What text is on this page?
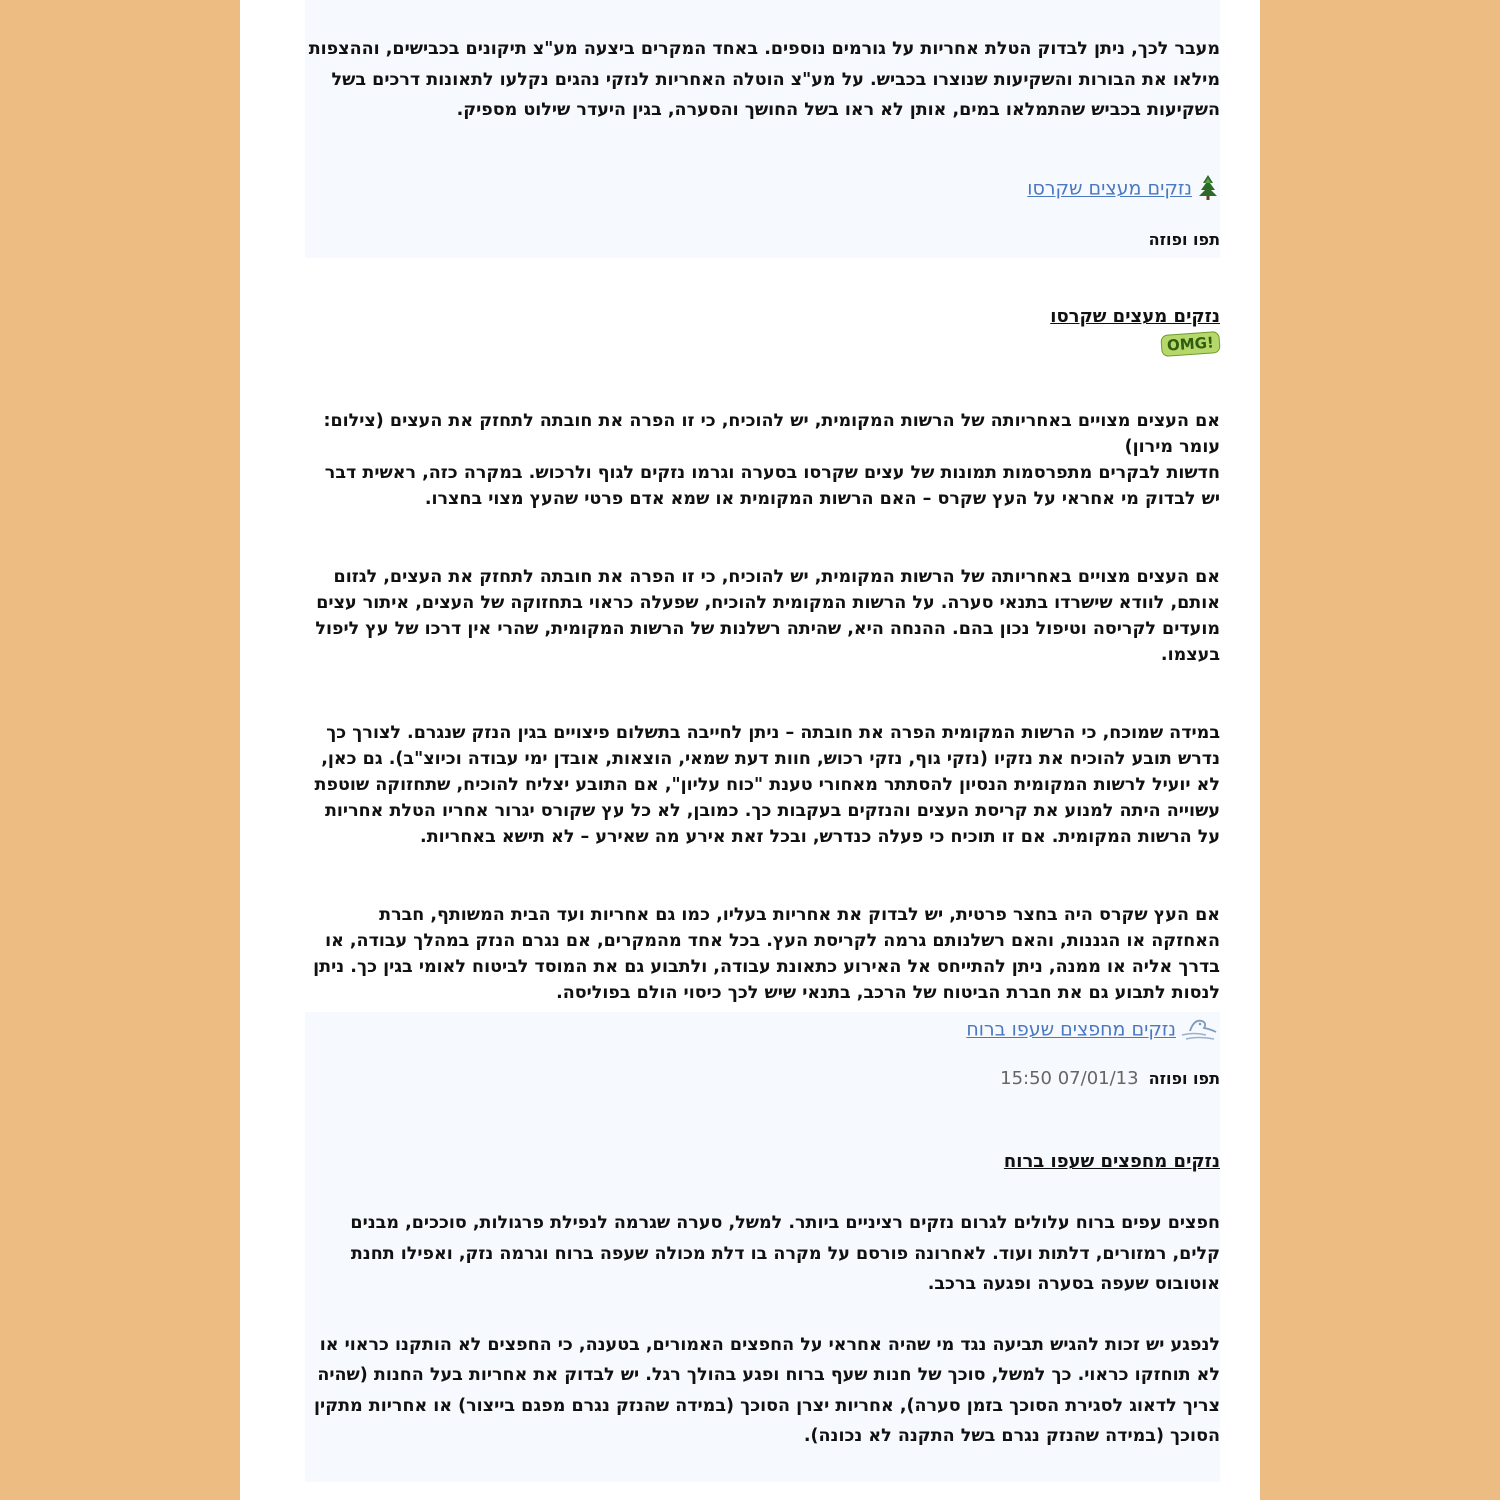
מעבר לכך, ניתן לבדוק הטלת אחריות על גורמים נוספים. באחד המקרים ביצעה מע"צ תיקונים בכבישים, וההצפות מילאו את הבורות והשקיעות שנוצרו בכביש. על מע"צ הוטלה האחריות לנזקי נהגים נקלעו לתאונות דרכים בשל השקיעות בכביש שהתמלאו במים, אותן לא ראו בשל החושך והסערה, בגין היעדר שילוט מספיק.

נזקים מעצים שקרסו
תפו ופוזה
נזקים מעצים שקרסו
OMG!

אם העצים מצויים באחריותה של הרשות המקומית, יש להוכיח, כי זו הפרה את חובתה לתחזק את העצים (צילום: עומר מירון)
חדשות לבקרים מתפרסמות תמונות של עצים שקרסו בסערה וגרמו נזקים לגוף ולרכוש. במקרה כזה, ראשית דבר יש לבדוק מי אחראי על העץ שקרס – האם הרשות המקומית או שמא אדם פרטי שהעץ מצוי בחצרו.

אם העצים מצויים באחריותה של הרשות המקומית, יש להוכיח, כי זו הפרה את חובתה לתחזק את העצים, לגזום אותם, לוודא שישרדו בתנאי סערה. על הרשות המקומית להוכיח, שפעלה כראוי בתחזוקה של העצים, איתור עצים מועדים לקריסה וטיפול נכון בהם. ההנחה היא, שהיתה רשלנות של הרשות המקומית, שהרי אין דרכו של עץ ליפול בעצמו.

במידה שמוכח, כי הרשות המקומית הפרה את חובתה – ניתן לחייבה בתשלום פיצויים בגין הנזק שנגרם. לצורך כך נדרש תובע להוכיח את נזקיו (נזקי גוף, נזקי רכוש, חוות דעת שמאי, הוצאות, אובדן ימי עבודה וכיוצ"ב). גם כאן, לא יועיל לרשות המקומית הנסיון להסתתר מאחורי טענת "כוח עליון", אם התובע יצליח להוכיח, שתחזוקה שוטפת עשוייה היתה למנוע את קריסת העצים והנזקים בעקבות כך. כמובן, לא כל עץ שקורס יגרור אחריו הטלת אחריות על הרשות המקומית. אם זו תוכיח כי פעלה כנדרש, ובכל זאת אירע מה שאירע – לא תישא באחריות.

אם העץ שקרס היה בחצר פרטית, יש לבדוק את אחריות בעליו, כמו גם אחריות ועד הבית המשותף, חברת האחזקה או הגננות, והאם רשלנותם גרמה לקריסת העץ. בכל אחד מהמקרים, אם נגרם הנזק במהלך עבודה, או בדרך אליה או ממנה, ניתן להתייחס אל האירוע כתאונת עבודה, ולתבוע גם את המוסד לביטוח לאומי בגין כך. ניתן לנסות לתבוע גם את חברת הביטוח של הרכב, בתנאי שיש לכך כיסוי הולם בפוליסה.

נזקים מחפצים שעפו ברוח
תפו ופוזה07/01/13 15:50
נזקים מחפצים שעפו ברוח

חפצים עפים ברוח עלולים לגרום נזקים רציניים ביותר. למשל, סערה שגרמה לנפילת פרגולות, סוככים, מבנים קלים, רמזורים, דלתות ועוד. לאחרונה פורסם על מקרה בו דלת מכולה שעפה ברוח וגרמה נזק, ואפילו תחנת אוטובוס שעפה בסערה ופגעה ברכב.

לנפגע יש זכות להגיש תביעה נגד מי שהיה אחראי על החפצים האמורים, בטענה, כי החפצים לא הותקנו כראוי או לא תוחזקו כראוי. כך למשל, סוכך של חנות שעף ברוח ופגע בהולך רגל. יש לבדוק את אחריות בעל החנות (שהיה צריך לדאוג לסגירת הסוכך בזמן סערה), אחריות יצרן הסוכך (במידה שהנזק נגרם מפגם בייצור) או אחריות מתקין הסוכך (במידה שהנזק נגרם בשל התקנה לא נכונה).
